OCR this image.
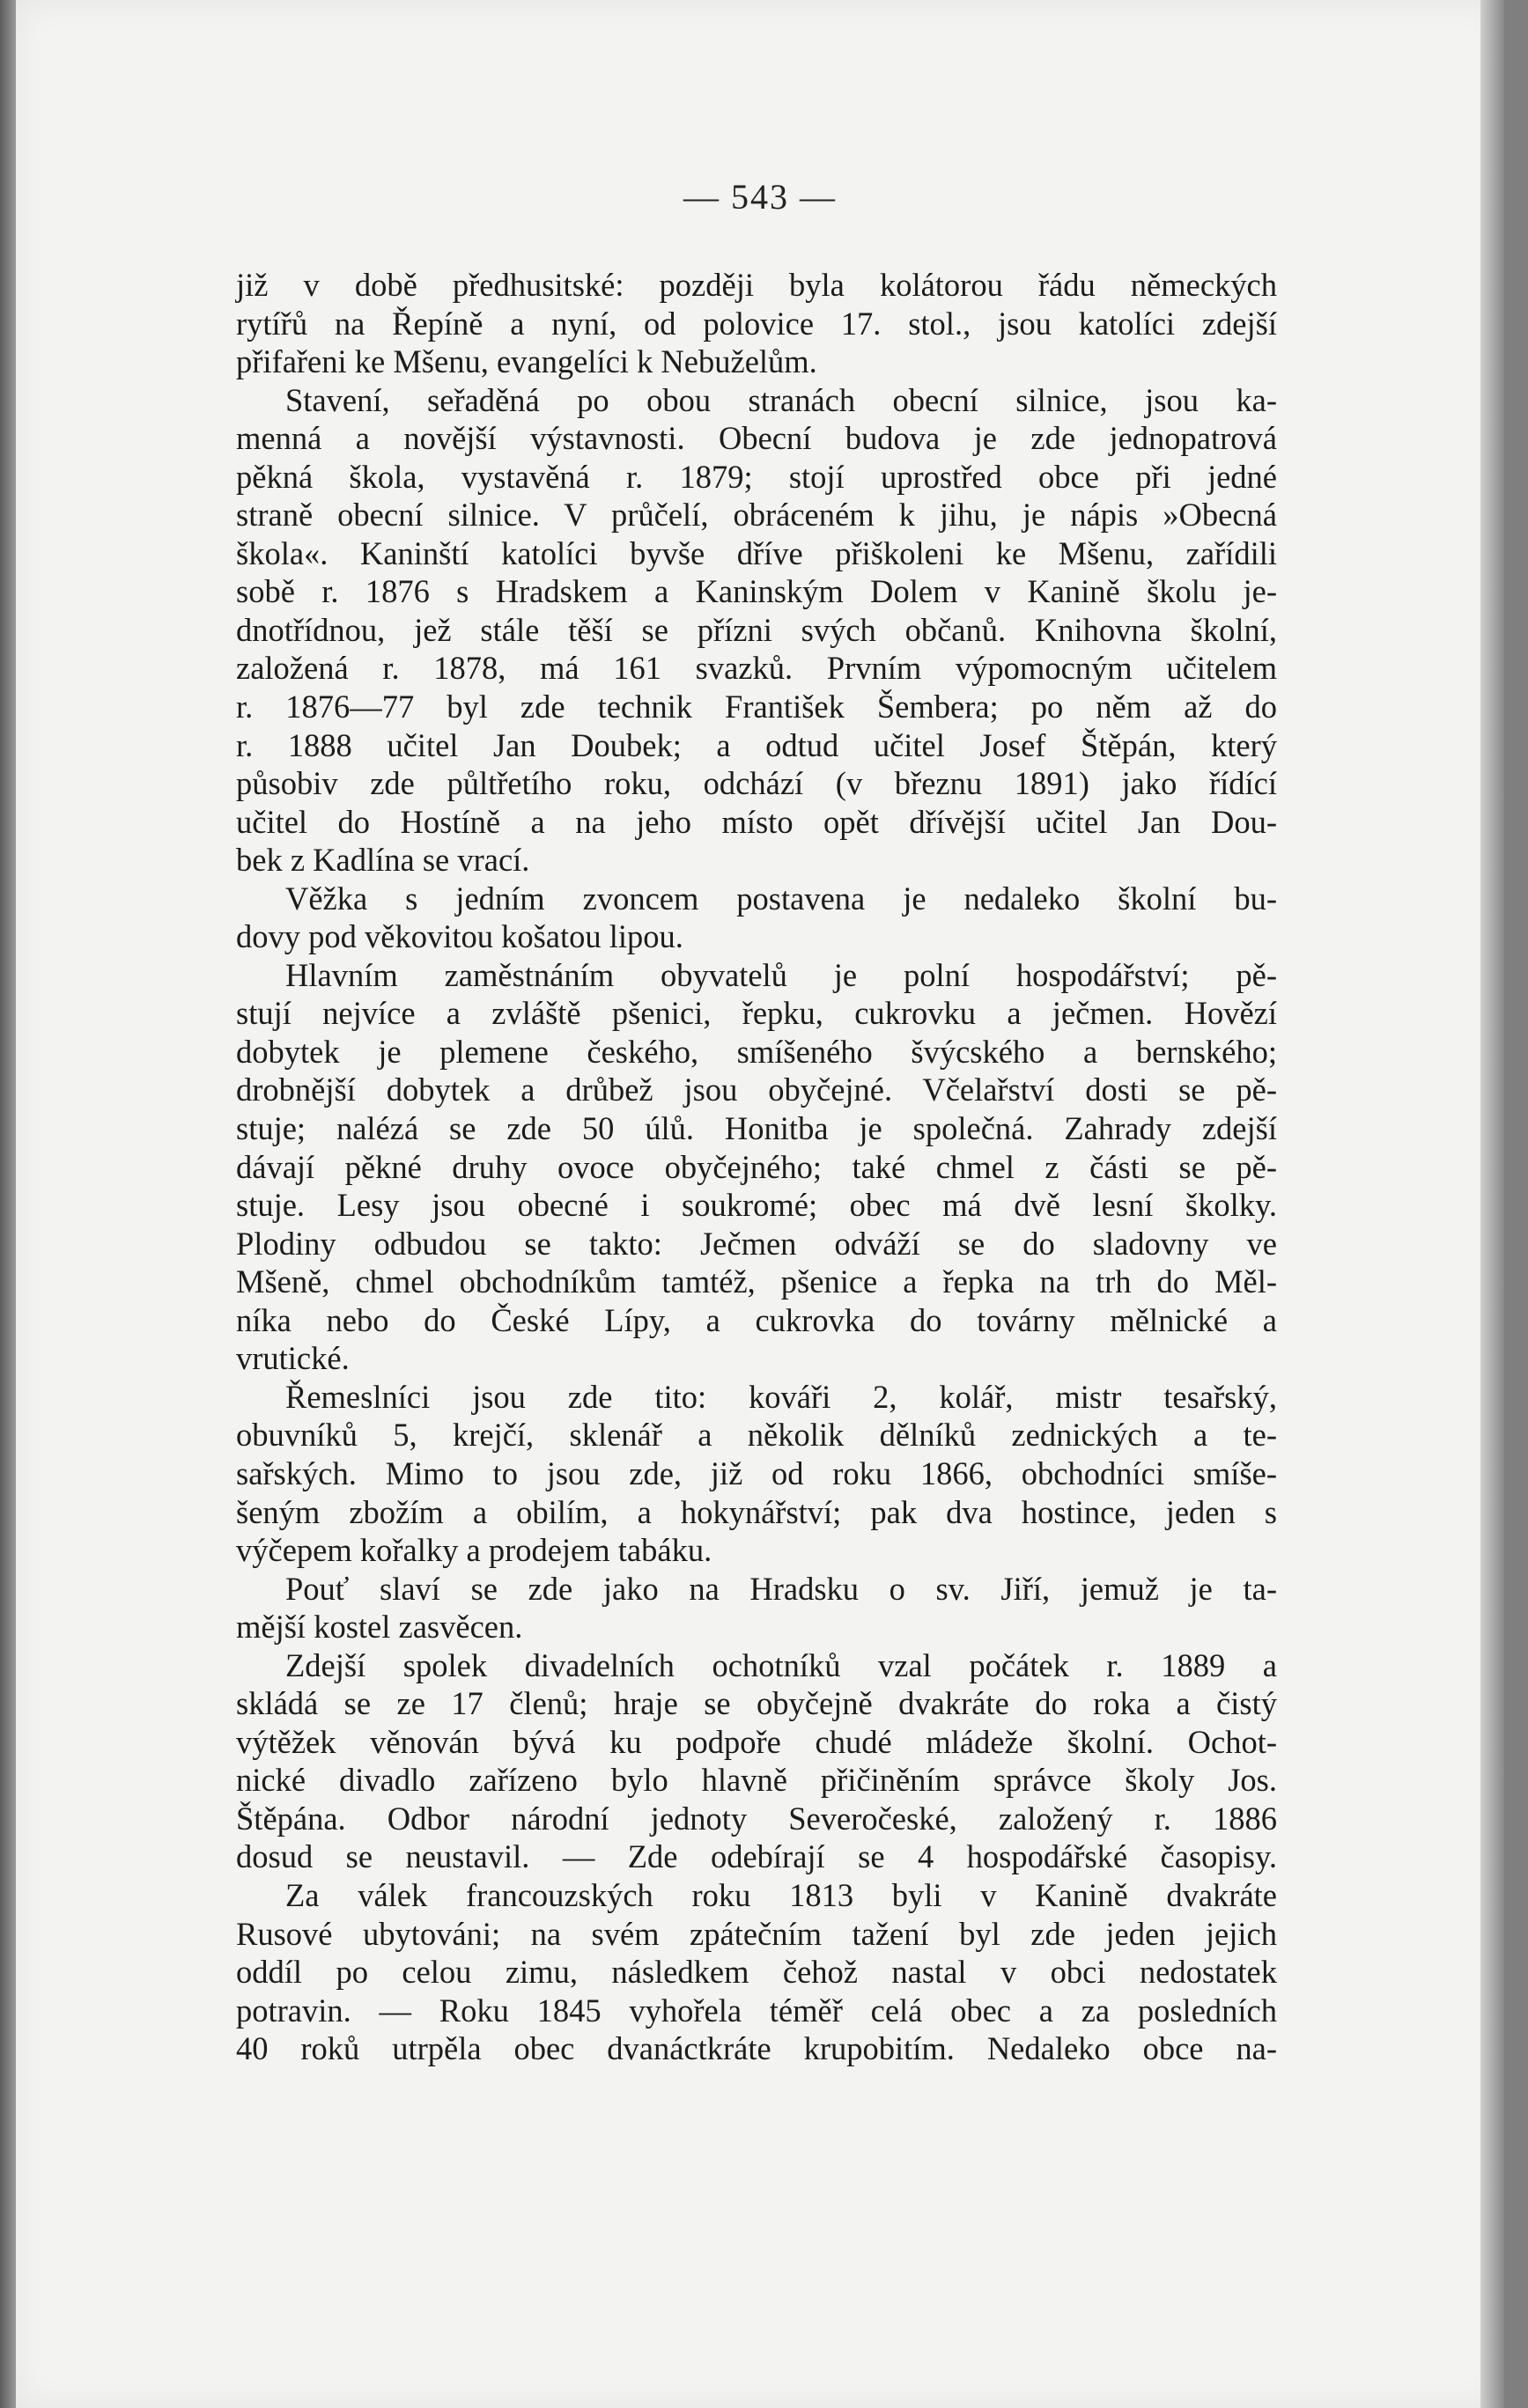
— 543 —
již v době předhusitské: později byla kolátorou řádu německých
rytířů na Řepíně a nyní, od polovice 17. stol., jsou katolíci zdejší
přifařeni ke Mšenu, evangelíci k Nebuželům.
Stavení, seřaděná po obou stranách obecní silnice, jsou ka-
menná a novější výstavnosti. Obecní budova je zde jednopatrová
pěkná škola, vystavěná r. 1879; stojí uprostřed obce při jedné
straně obecní silnice. V průčelí, obráceném k jihu, je nápis »Obecná
škola«. Kaninští katolíci byvše dříve přiškoleni ke Mšenu, zařídili
sobě r. 1876 s Hradskem a Kaninským Dolem v Kanině školu je-
dnotřídnou, jež stále těší se přízni svých občanů. Knihovna školní,
založená r. 1878, má 161 svazků. Prvním výpomocným učitelem
r. 1876—77 byl zde technik František Šembera; po něm až do
r. 1888 učitel Jan Doubek; a odtud učitel Josef Štěpán, který
působiv zde půltřetího roku, odchází (v březnu 1891) jako řídící
učitel do Hostíně a na jeho místo opět dřívější učitel Jan Dou-
bek z Kadlína se vrací.
Věžka s jedním zvoncem postavena je nedaleko školní bu-
dovy pod věkovitou košatou lipou.
Hlavním zaměstnáním obyvatelů je polní hospodářství; pě-
stují nejvíce a zvláště pšenici, řepku, cukrovku a ječmen. Hovězí
dobytek je plemene českého, smíšeného švýcského a bernského;
drobnější dobytek a drůbež jsou obyčejné. Včelařství dosti se pě-
stuje; nalézá se zde 50 úlů. Honitba je společná. Zahrady zdejší
dávají pěkné druhy ovoce obyčejného; také chmel z části se pě-
stuje. Lesy jsou obecné i soukromé; obec má dvě lesní školky.
Plodiny odbudou se takto: Ječmen odváží se do sladovny ve
Mšeně, chmel obchodníkům tamtéž, pšenice a řepka na trh do Měl-
níka nebo do České Lípy, a cukrovka do továrny mělnické a
vrutické.
Řemeslníci jsou zde tito: kováři 2, kolář, mistr tesařský,
obuvníků 5, krejčí, sklenář a několik dělníků zednických a te-
sařských. Mimo to jsou zde, již od roku 1866, obchodníci smíše-
šeným zbožím a obilím, a hokynářství; pak dva hostince, jeden s
výčepem kořalky a prodejem tabáku.
Pouť slaví se zde jako na Hradsku o sv. Jiří, jemuž je ta-
mější kostel zasvěcen.
Zdejší spolek divadelních ochotníků vzal počátek r. 1889 a
skládá se ze 17 členů; hraje se obyčejně dvakráte do roka a čistý
výtěžek věnován bývá ku podpoře chudé mládeže školní. Ochot-
nické divadlo zařízeno bylo hlavně přičiněním správce školy Jos.
Štěpána. Odbor národní jednoty Severočeské, založený r. 1886
dosud se neustavil. — Zde odebírají se 4 hospodářské časopisy.
Za válek francouzských roku 1813 byli v Kanině dvakráte
Rusové ubytováni; na svém zpátečním tažení byl zde jeden jejich
oddíl po celou zimu, následkem čehož nastal v obci nedostatek
potravin. — Roku 1845 vyhořela téměř celá obec a za posledních
40 roků utrpěla obec dvanáctkráte krupobitím. Nedaleko obce na-
